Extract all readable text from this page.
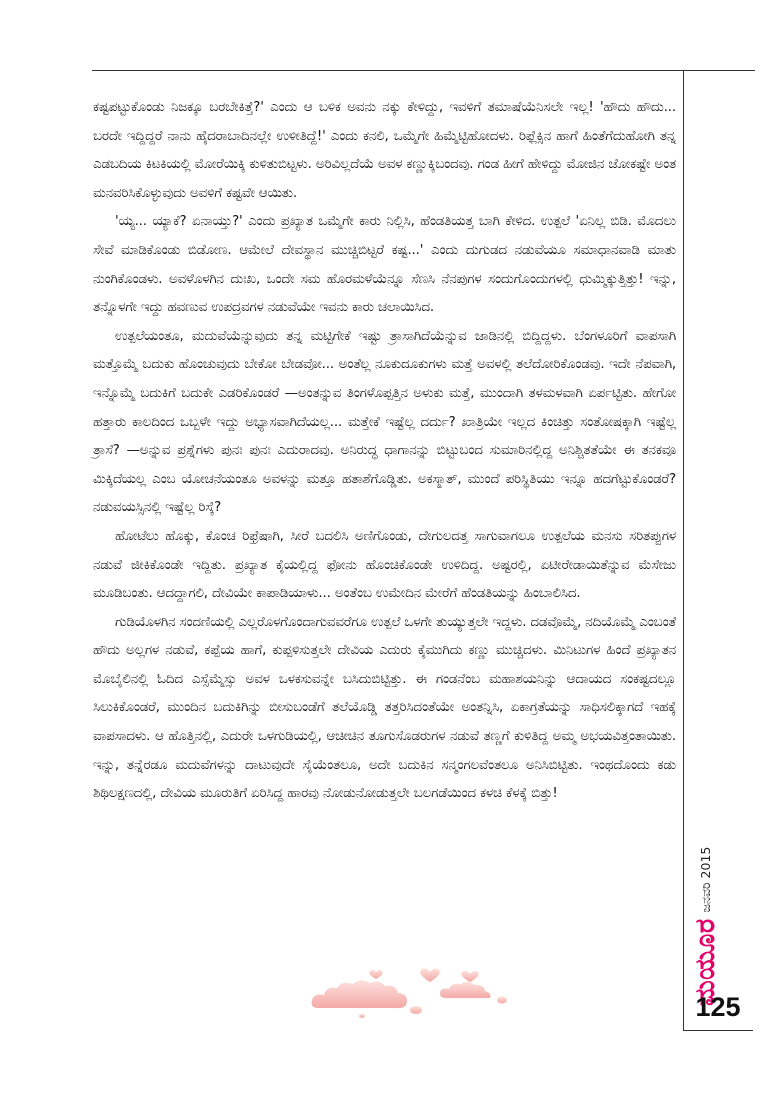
ಕಷ್ಟಪಟ್ಟುಕೊಂಡು ನಿಜಕ್ಕೂ ಬರಬೇಕಿತ್ತೆ?' ಎಂದು ಆ ಬಳಿಕ ಅವನು ನಕ್ಕು ಕೇಳಿದ್ದು, ಇವಳಿಗೆ ತಮಾಷೆಯೆನಿಸಲೇ ಇಲ್ಲ! 'ಹೌದು ಹೌದು... ಬರದೇ ಇದ್ದಿದ್ದರೆ ನಾನು ಹೈದರಾಬಾದಿನಲ್ಲೇ ಉಳೀತಿದ್ದೆ!' ಎಂದು ಕನಲಿ, ಒಮ್ಮೆಗೇ ಹಿಮ್ಮೆಟ್ಟಿಹೋದಳು. ರಿಫ್ಲೆಕ್ಸಿನ ಹಾಗೆ ಹಿಂತೆಗೆದುಹೋಗಿ ತನ್ನ ಎಡಬದಿಯ ಕಿಟಕಿಯಲ್ಲಿ ಮೋರೆಯಿಕ್ಕಿ ಕುಳಿತುಬಿಟ್ಟಳು. ಅರಿವಿಲ್ಲದೆಯೆ ಅವಳ ಕಣ್ಣುಕ್ಕಿಬಂದವು. ಗಂಡ ಹೀಗೆ ಹೇಳಿದ್ದು ಮೋಜಿನ ಜೋಕಷ್ಟೇ ಅಂತ ಮನವರಿಸಿಕೊಳ್ಳುವುದು ಅವಳಿಗೆ ಕಷ್ಟವೇ ಆಯಿತು.

'ಯ್ಯ... ಯ್ಯಾಕೆ? ಏನಾಯ್ತು?' ಎಂದು ಪ್ರಖ್ಯಾತ ಒಮ್ಮೆಗೇ ಕಾರು ನಿಲ್ಲಿಸಿ, ಹೆಂಡತಿಯತ್ತ ಬಾಗಿ ಕೇಳಿದ. ಉತ್ಪಲೆ 'ಏನಿಲ್ಲ ಬಿಡಿ. ಮೊದಲು ಸೇವೆ ಮಾಡಿಕೊಂಡು ಬಿಡೋಣ. ಆಮೇಲೆ ದೇವಸ್ಥಾನ ಮುಚ್ಚಿಬಿಟ್ಟರೆ ಕಷ್ಟ...' ಎಂದು ದುಗುಡದ ನಡುವೆಯೂ ಸಮಾಧಾನವಾಡಿ ಮಾತು ನುಂಗಿಕೊಂಡಳು. ಅವಳೊಳಗಿನ ದುಃಖ, ಒಂದೇ ಸಮ ಹೊರಮಳೆಯೆನ್ನೂ ಸೆಣಸಿ ನೆನಪುಗಳ ಸಂದುಗೊಂದುಗಳಲ್ಲಿ ಧುಮ್ಮಿಕ್ಕುತ್ತಿತ್ತು! ಇನ್ನು, ತನ್ನೊಳಗೇ ಇದ್ದು ಹವಣುವ ಉಪದ್ರವಗಳ ನಡುವೆಯೇ ಇವನು ಕಾರು ಚಲಾಯಿಸಿದ.

ಉತ್ಪಲೆಯಂತೂ, ಮದುವೆಯೆನ್ನುವುದು ತನ್ನ ಮಟ್ಟಿಗೇಕೆ ಇಷ್ಟು ತ್ರಾಸಾಗಿದೆಯೆನ್ನುವ ಜಾಡಿನಲ್ಲಿ ಬಿದ್ದಿದ್ದಳು. ಬೆಂಗಳೂರಿಗೆ ವಾಪಸಾಗಿ ಮತ್ತೊಮ್ಮೆ ಬದುಕು ಹೊಂಚುವುದು ಬೇಕೋ ಬೇಡವೋ... ಅಂತೆಲ್ಲ ನೂಕುದೂಕುಗಳು ಮತ್ತೆ ಅವಳಲ್ಲಿ ತಲೆದೋರಿಕೊಂಡವು. ಇದೇ ನೆಪವಾಗಿ, ಇನ್ನೊಮ್ಮೆ ಬದುಕಿಗೆ ಬದುಕೇ ಎಡರಿಕೊಂಡರೆ —ಅಂತನ್ನುವ ತಿಂಗಳೊಪ್ಪತ್ತಿನ ಅಳುಕು ಮತ್ತೆ, ಮುಂದಾಗಿ ತಳಮಳವಾಗಿ ಏರ್ಪಟ್ಟಿತು. ಹೇಗೋ ಹತ್ತಾರು ಕಾಲದಿಂದ ಒಬ್ಬಳೇ ಇದ್ದು ಅಭ್ಯಾಸವಾಗಿದೆಯಲ್ಲ... ಮತ್ತೇಕೆ ಇಷ್ಟೆಲ್ಲ ದರ್ದು? ಖಾತ್ರಿಯೇ ಇಲ್ಲದ ಕಿಂಚಿತ್ತು ಸಂತೋಷಕ್ಕಾಗಿ ಇಷ್ಟೆಲ್ಲ ತ್ರಾಸೆ? —ಅನ್ನುವ ಪ್ರಶ್ನೆಗಳು ಪುನಃ ಪುನಃ ಎದುರಾದವು. ಅನಿರುದ್ಧ ಧಾಗಾನನ್ನು ಬಿಟ್ಟುಬಂದ ಸುಮಾರಿನಲ್ಲಿದ್ದ ಅನಿಶ್ಚಿತತೆಯೇ ಈ ತನಕವೂ ಮಿಕ್ಕಿದೆಯಲ್ಲ ಎಂಬ ಯೋಚನೆಯಂತೂ ಅವಳನ್ನು ಮತ್ತೂ ಹತಾಶೆಗೊಡ್ಡಿತು. ಅಕಸ್ಮಾತ್, ಮುಂದೆ ಪರಿಸ್ಥಿತಿಯು ಇನ್ನೂ ಹದಗೆಟ್ಟುಕೊಂಡರೆ? ನಡುವಯಸ್ಸಿನಲ್ಲಿ ಇಷ್ಟೆಲ್ಲ ರಿಸ್ಕೆ?

ಹೋಟೆಲು ಹೊಕ್ಕು, ಕೊಂಚ ರಿಫ್ರೆಷಾಗಿ, ಸೀರೆ ಬದಲಿಸಿ ಅಣಿಗೊಂಡು, ದೇಗುಲದತ್ತ ಸಾಗುವಾಗಲೂ ಉತ್ಪಲೆಯ ಮನಸು ಸರಿತಪ್ಪುಗಳ ನಡುವೆ ಜೀಕಿಕೊಂಡೇ ಇದ್ದಿತು. ಪ್ರಖ್ಯಾತ ಕೈಯಲ್ಲಿದ್ದ ಫೋನು ಹೊಂಚಿಕೊಂಡೇ ಉಳಿದಿದ್ದ. ಅಷ್ಟರಲ್ಲಿ, ಏಟೀರೇಡಾಯಿತೆನ್ನುವ ಮೆಸೇಜು ಮೂಡಿಬಂತು. ಆದದ್ದಾಗಲಿ, ದೇವಿಯೇ ಕಾಪಾಡಿಯಾಳು... ಅಂತೆಂಬ ಉಮೇದಿನ ಮೇರೆಗೆ ಹೆಂಡತಿಯನ್ನು ಹಿಂಬಾಲಿಸಿದ.

ಗುಡಿಯೊಳಗಿನ ಸಂದಣಿಯಲ್ಲಿ ಎಲ್ಲರೊಳಗೊಂದಾಗುವವರೆಗೂ ಉತ್ಪಲೆ ಒಳಗೇ ತುಯ್ಯುತ್ತಲೇ ಇದ್ದಳು. ದಡವೊಮ್ಮೆ, ನದಿಯೊಮ್ಮೆ ಎಂಬಂತೆ ಹೌದು ಅಲ್ಲಗಳ ನಡುವೆ, ಕಪ್ಪೆಯ ಹಾಗೆ, ಕುಪ್ಪಳಿಸುತ್ತಲೇ ದೇವಿಯ ಎದುರು ಕೈಮುಗಿದು ಕಣ್ಣು ಮುಚ್ಚಿದಳು. ಮಿನಿಟುಗಳ ಹಿಂದೆ ಪ್ರಖ್ಯಾತನ ಮೊಬೈಲಿನಲ್ಲಿ ಓದಿದ ಎಸ್ಸೆಮ್ಮೆಸ್ಸು ಅವಳ ಒಳಕಸುವನ್ನೇ ಬಸಿದುಬಿಟ್ಟಿತ್ತು. ಈ ಗಂಡನೆಂಬ ಮಹಾಶಯನಿನ್ನು ಆದಾಯದ ಸಂಕಷ್ಟದಲ್ಲೂ ಸಿಲುಕಿಕೊಂಡರೆ, ಮುಂದಿನ ಬದುಕಿಗಿನ್ನು ಬೀಸುಬಂಡೆಗೆ ತಲೆಯೊಡ್ಡಿ ತತ್ತರಿಸಿದಂತೆಯೇ ಅಂತನ್ನಿಸಿ, ಏಕಾಗ್ರತೆಯನ್ನು ಸಾಧಿಸಲಿಕ್ಕಾಗದೆ ಇಹಕ್ಕೆ ವಾಪಸಾದಳು. ಆ ಹೊತ್ತಿನಲ್ಲಿ, ಎದುರೇ ಒಳಗುಡಿಯಲ್ಲಿ, ಆಚೀಚಿನ ತೂಗುಸೊಡರುಗಳ ನಡುವೆ ತಣ್ಣಗೆ ಕುಳಿತಿದ್ದ ಅಮ್ಮ ಅಭಯವಿತ್ತಂತಾಯಿತು. ಇನ್ನು, ತನ್ನೆರಡೂ ಮದುವೆಗಳನ್ನು ದಾಟುವುದೇ ಸೈಯೆಂತಲೂ, ಅದೇ ಬದುಕಿನ ಸನ್ಮಂಗಲವೆಂತಲೂ ಅನಿಸಿಬಿಟ್ಟಿತು. ಇಂಥದೊಂದು ಕಡು ಶಿಥಿಲಕ್ಷಣದಲ್ಲಿ, ದೇವಿಯ ಮೂರುತಿಗೆ ಏರಿಸಿದ್ದ ಹಾರವು ನೋಡುನೋಡುತ್ತಲೇ ಬಲಗಡೆಯಿಂದ ಕಳಚಿ ಕೆಳಕ್ಕೆ ಬಿತ್ತು!

ಮಯೂರ
ಜನವರಿ 2015
125
